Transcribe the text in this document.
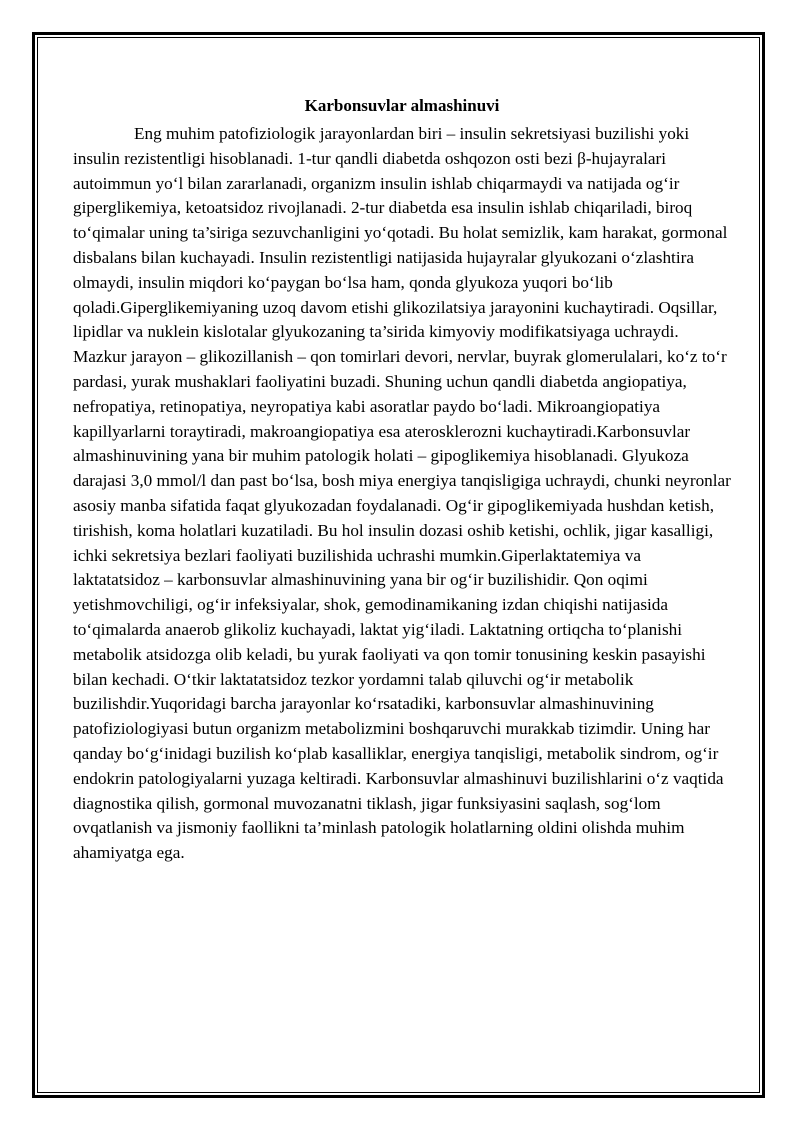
Karbonsuvlar almashinuvi

Eng muhim patofiziologik jarayonlardan biri – insulin sekretsiyasi buzilishi yoki insulin rezistentligi hisoblanadi. 1-tur qandli diabetda oshqozon osti bezi β-hujayralari autoimmun yo‘l bilan zararlanadi, organizm insulin ishlab chiqarmaydi va natijada og‘ir giperglikemiya, ketoatsidoz rivojlanadi. 2-tur diabetda esa insulin ishlab chiqariladi, biroq to‘qimalar uning ta’siriga sezuvchanligini yo‘qotadi. Bu holat semizlik, kam harakat, gormonal disbalans bilan kuchayadi. Insulin rezistentligi natijasida hujayralar glyukozani o‘zlashtira olmaydi, insulin miqdori ko‘paygan bo‘lsa ham, qonda glyukoza yuqori bo‘lib qoladi.Giperglikemiyaning uzoq davom etishi glikozilatsiya jarayonini kuchaytiradi. Oqsillar, lipidlar va nuklein kislotalar glyukozaning ta’sirida kimyoviy modifikatsiyaga uchraydi. Mazkur jarayon – glikozillanish – qon tomirlari devori, nervlar, buyrak glomerulalari, ko‘z to‘r pardasi, yurak mushaklari faoliyatini buzadi. Shuning uchun qandli diabetda angiopatiya, nefropatiya, retinopatiya, neyropatiya kabi asoratlar paydo bo‘ladi. Mikroangiopatiya kapillyarlarni toraytiradi, makroangiopatiya esa aterosklerozni kuchaytiradi.Karbonsuvlar almashinuvining yana bir muhim patologik holati – gipoglikemiya hisoblanadi. Glyukoza darajasi 3,0 mmol/l dan past bo‘lsa, bosh miya energiya tanqisligiga uchraydi, chunki neyronlar asosiy manba sifatida faqat glyukozadan foydalanadi. Og‘ir gipoglikemiyada hushdan ketish, tirishish, koma holatlari kuzatiladi. Bu hol insulin dozasi oshib ketishi, ochlik, jigar kasalligi, ichki sekretsiya bezlari faoliyati buzilishida uchrashi mumkin.Giperlaktatemiya va laktatatsidoz – karbonsuvlar almashinuvining yana bir og‘ir buzilishidir. Qon oqimi yetishmovchiligi, og‘ir infeksiyalar, shok, gemodinamikaning izdan chiqishi natijasida to‘qimalarda anaerob glikoliz kuchayadi, laktat yig‘iladi. Laktatning ortiqcha to‘planishi metabolik atsidozga olib keladi, bu yurak faoliyati va qon tomir tonusining keskin pasayishi bilan kechadi. O‘tkir laktatatsidoz tezkor yordamni talab qiluvchi og‘ir metabolik buzilishdir.Yuqoridagi barcha jarayonlar ko‘rsatadiki, karbonsuvlar almashinuvining patofiziologiyasi butun organizm metabolizmini boshqaruvchi murakkab tizimdir. Uning har qanday bo‘g‘inidagi buzilish ko‘plab kasalliklar, energiya tanqisligi, metabolik sindrom, og‘ir endokrin patologiyalarni yuzaga keltiradi. Karbonsuvlar almashinuvi buzilishlarini o‘z vaqtida diagnostika qilish, gormonal muvozanatni tiklash, jigar funksiyasini saqlash, sog‘lom ovqatlanish va jismoniy faollikni ta’minlash patologik holatlarning oldini olishda muhim ahamiyatga ega.
